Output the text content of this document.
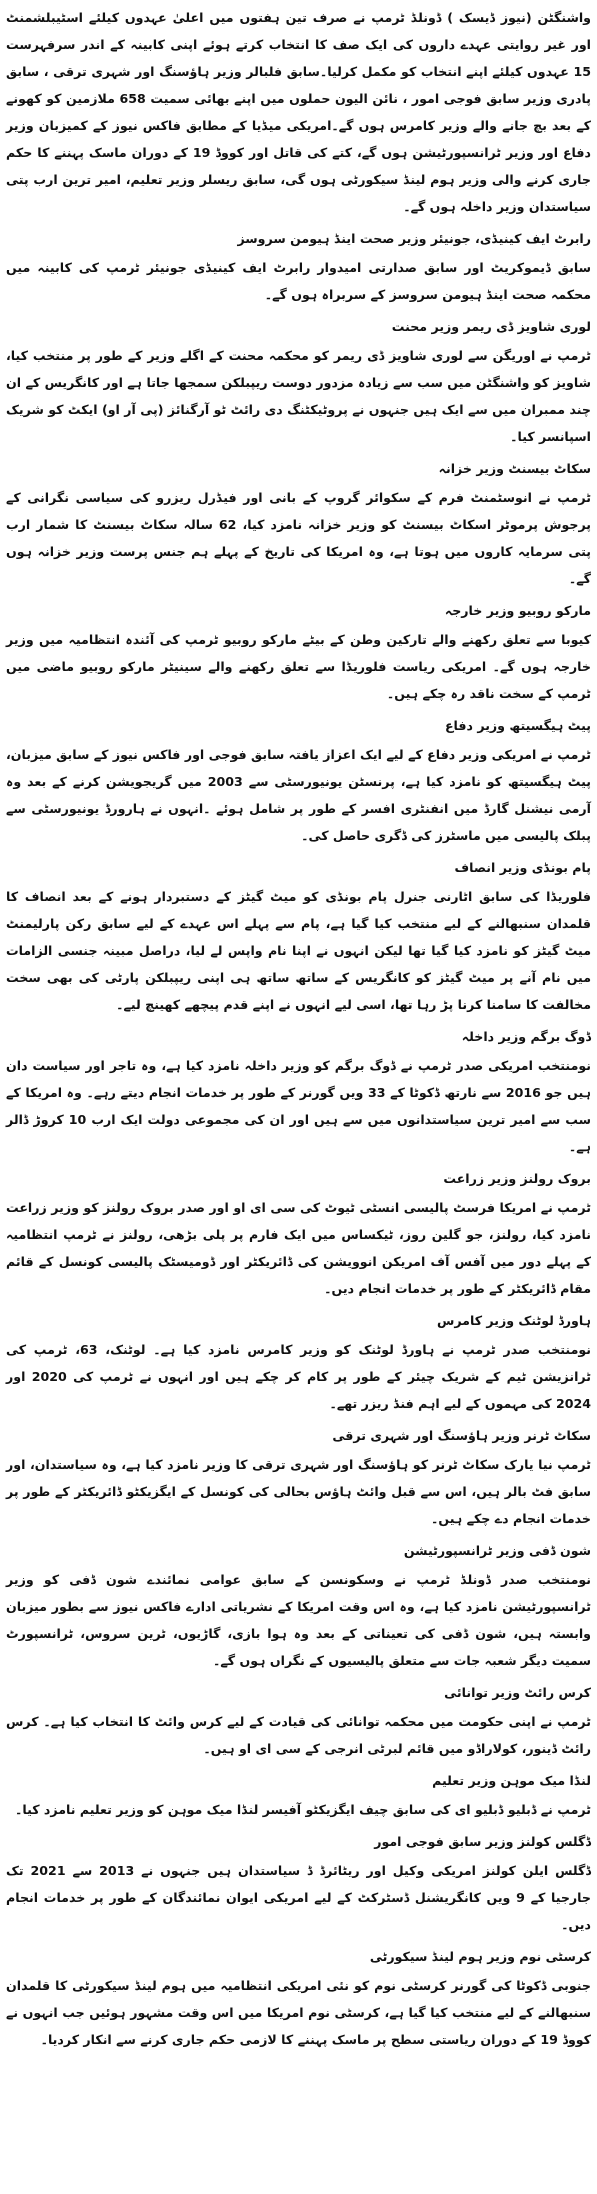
واشنگٹن (نیوز ڈیسک ) ڈونلڈ ٹرمپ نے صرف تین ہفتوں میں اعلیٰ عہدوں کیلئے اسٹیبلشمنٹ اور غیر روایتی عہدے داروں کی ایک صف کا انتخاب کرتے ہوئے اپنی کابینہ کے اندر سرفہرست 15 عہدوں کیلئے اپنے انتخاب کو مکمل کرلیا۔سابق فلبالر وزیر ہاؤسنگ اور شہری ترقی ، سابق پادری وزیر سابق فوجی امور ، نائن الیون حملوں میں اپنے بھائی سمیت 658 ملازمین کو کھونے کے بعد بچ جانے والے وزیر کامرس ہوں گے۔امریکی میڈیا کے مطابق فاکس نیوز کے کمیزبان وزیر دفاع اور وزیر ٹرانسپورٹیشن ہوں گے، کتے کی قاتل اور کووڈ 19 کے دوران ماسک پہننے کا حکم جاری کرنے والی وزیر ہوم لینڈ سیکورٹی ہوں گی، سابق ریسلر وزیر تعلیم، امیر ترین ارب پتی سیاستدان وزیر داخلہ ہوں گے۔

رابرٹ ایف کینیڈی، جونیئر وزیر صحت اینڈ ہیومن سروسز

سابق ڈیموکریٹ اور سابق صدارتی امیدوار رابرٹ ایف کینیڈی جونیئر ٹرمپ کی کابینہ میں محکمہ صحت اینڈ ہیومن سروسز کے سربراہ ہوں گے۔

لوری شاویز ڈی ریمر وزیر محنت

ٹرمپ نے اوریگن سے لوری شاویز ڈی ریمر کو محکمہ محنت کے اگلے وزیر کے طور پر منتخب کیا، شاویز کو واشنگٹن میں سب سے زیادہ مزدور دوست ریپبلکن سمجھا جاتا ہے اور کانگریس کے ان چند ممبران میں سے ایک ہیں جنہوں نے پروٹیکٹنگ دی رائٹ ٹو آرگنائز (پی آر او) ایکٹ کو شریک اسپانسر کیا۔

سکاٹ بیسنٹ وزیر خزانہ

ٹرمپ نے انوسٹمنٹ فرم کے سکوائر گروپ کے بانی اور فیڈرل ریزرو کی سیاسی نگرانی کے پرجوش پرموٹر اسکاٹ بیسنٹ کو وزیر خزانہ نامزد کیا، 62 سالہ سکاٹ بیسنٹ کا شمار ارب پتی سرمایہ کاروں میں ہوتا ہے، وہ امریکا کی تاریخ کے پہلے ہم جنس پرست وزیر خزانہ ہوں گے۔

مارکو روبیو وزیر خارجہ

کیوبا سے تعلق رکھنے والے تارکین وطن کے بیٹے مارکو روبیو ٹرمپ کی آئندہ انتظامیہ میں وزیر خارجہ ہوں گے۔ امریکی ریاست فلوریڈا سے تعلق رکھنے والے سینیٹر مارکو روبیو ماضی میں ٹرمپ کے سخت ناقد رہ چکے ہیں۔

پیٹ ہیگسیتھ وزیر دفاع

ٹرمپ نے امریکی وزیر دفاع کے لیے ایک اعزاز یافتہ سابق فوجی اور فاکس نیوز کے سابق میزبان، پیٹ ہیگسیتھ کو نامزد کیا ہے، پرنسٹن یونیورسٹی سے 2003 میں گریجویشن کرنے کے بعد وہ آرمی نیشنل گارڈ میں انفنٹری افسر کے طور پر شامل ہوئے ۔انہوں نے ہارورڈ یونیورسٹی سے پبلک پالیسی میں ماسٹرز کی ڈگری حاصل کی۔

پام بونڈی وزیر انصاف

فلوریڈا کی سابق اٹارنی جنرل پام بونڈی کو میٹ گیٹز کے دستبردار ہونے کے بعد انصاف کا قلمدان سنبھالنے کے لیے منتخب کیا گیا ہے، پام سے پہلے اس عہدے کے لیے سابق رکن پارلیمنٹ میٹ گیٹز کو نامزد کیا گیا تھا لیکن انہوں نے اپنا نام واپس لے لیا، دراصل مبینہ جنسی الزامات میں نام آنے پر میٹ گیٹز کو کانگریس کے ساتھ ساتھ ہی اپنی ریپبلکن پارٹی کی بھی سخت مخالفت کا سامنا کرنا پڑ رہا تھا، اسی لیے انہوں نے اپنے قدم پیچھے کھینچ لیے۔

ڈوگ برگم وزیر داخلہ

نومنتخب امریکی صدر ٹرمپ نے ڈوگ برگم کو وزیر داخلہ نامزد کیا ہے، وہ تاجر اور سیاست دان ہیں جو 2016 سے نارتھ ڈکوٹا کے 33 ویں گورنر کے طور پر خدمات انجام دیتے رہے۔ وہ امریکا کے سب سے امیر ترین سیاستدانوں میں سے ہیں اور ان کی مجموعی دولت ایک ارب 10 کروڑ ڈالر ہے۔

بروک رولنز وزیر زراعت

ٹرمپ نے امریکا فرسٹ پالیسی انسٹی ٹیوٹ کی سی ای او اور صدر بروک رولنز کو وزیر زراعت نامزد کیا، رولنز، جو گلین روز، ٹیکساس میں ایک فارم پر پلی بڑھی، رولنز نے ٹرمپ انتظامیہ کے پہلے دور میں آفس آف امریکن انوویشن کی ڈائریکٹر اور ڈومیسٹک پالیسی کونسل کے قائم مقام ڈائریکٹر کے طور پر خدمات انجام دیں۔

ہاورڈ لوٹنک وزیر کامرس

نومنتخب صدر ٹرمپ نے ہاورڈ لوٹنک کو وزیر کامرس نامزد کیا ہے۔ لوٹنک، 63، ٹرمپ کی ٹرانزیشن ٹیم کے شریک چیئر کے طور پر کام کر چکے ہیں اور انہوں نے ٹرمپ کی 2020 اور 2024 کی مہموں کے لیے اہم فنڈ ریزر تھے۔

سکاٹ ٹرنر وزیر ہاؤسنگ اور شہری ترقی

ٹرمپ نیا یارک سکاٹ ٹرنر کو ہاؤسنگ اور شہری ترقی کا وزیر نامزد کیا ہے، وہ سیاستدان، اور سابق فٹ بالر ہیں، اس سے قبل وائٹ ہاؤس بحالی کی کونسل کے ایگزیکٹو ڈائریکٹر کے طور پر خدمات انجام دے چکے ہیں۔

شون ڈفی وزیر ٹرانسپورٹیشن

نومنتخب صدر ڈونلڈ ٹرمپ نے وسکونسن کے سابق عوامی نمائندے شون ڈفی کو وزیر ٹرانسپورٹیشن نامزد کیا ہے، وہ اس وقت امریکا کے نشریاتی ادارے فاکس نیوز سے بطور میزبان وابستہ ہیں، شون ڈفی کی تعیناتی کے بعد وہ ہوا بازی، گاڑیوں، ٹرین سروس، ٹرانسپورٹ سمیت دیگر شعبہ جات سے متعلق پالیسیوں کے نگراں ہوں گے۔

کرس رائٹ وزیر توانائی

ٹرمپ نے اپنی حکومت میں محکمہ توانائی کی قیادت کے لیے کرس وائٹ کا انتخاب کیا ہے۔ کرس رائٹ ڈینور، کولاراڈو میں قائم لبرٹی انرجی کے سی ای او ہیں۔

لنڈا میک موہن وزیر تعلیم

ٹرمپ نے ڈبلیو ڈبلیو ای کی سابق چیف ایگزیکٹو آفیسر لنڈا میک موہن کو وزیر تعلیم نامزد کیا۔

ڈگلس کولنز وزیر سابق فوجی امور

ڈگلس ایلن کولنز امریکی وکیل اور ریٹائرڈ ڈ سیاستدان ہیں جنہوں نے 2013 سے 2021 تک جارجیا کے 9 ویں کانگریشنل ڈسٹرکٹ کے لیے امریکی ایوان نمائندگان کے طور پر خدمات انجام دیں۔

کرسٹی نوم وزیر ہوم لینڈ سیکورٹی

جنوبی ڈکوٹا کی گورنر کرسٹی نوم کو نئی امریکی انتظامیہ میں ہوم لینڈ سیکورٹی کا قلمدان سنبھالنے کے لیے منتخب کیا گیا ہے، کرسٹی نوم امریکا میں اس وقت مشہور ہوئیں جب انہوں نے کووڈ 19 کے دوران ریاستی سطح پر ماسک پہننے کا لازمی حکم جاری کرنے سے انکار کردیا۔
